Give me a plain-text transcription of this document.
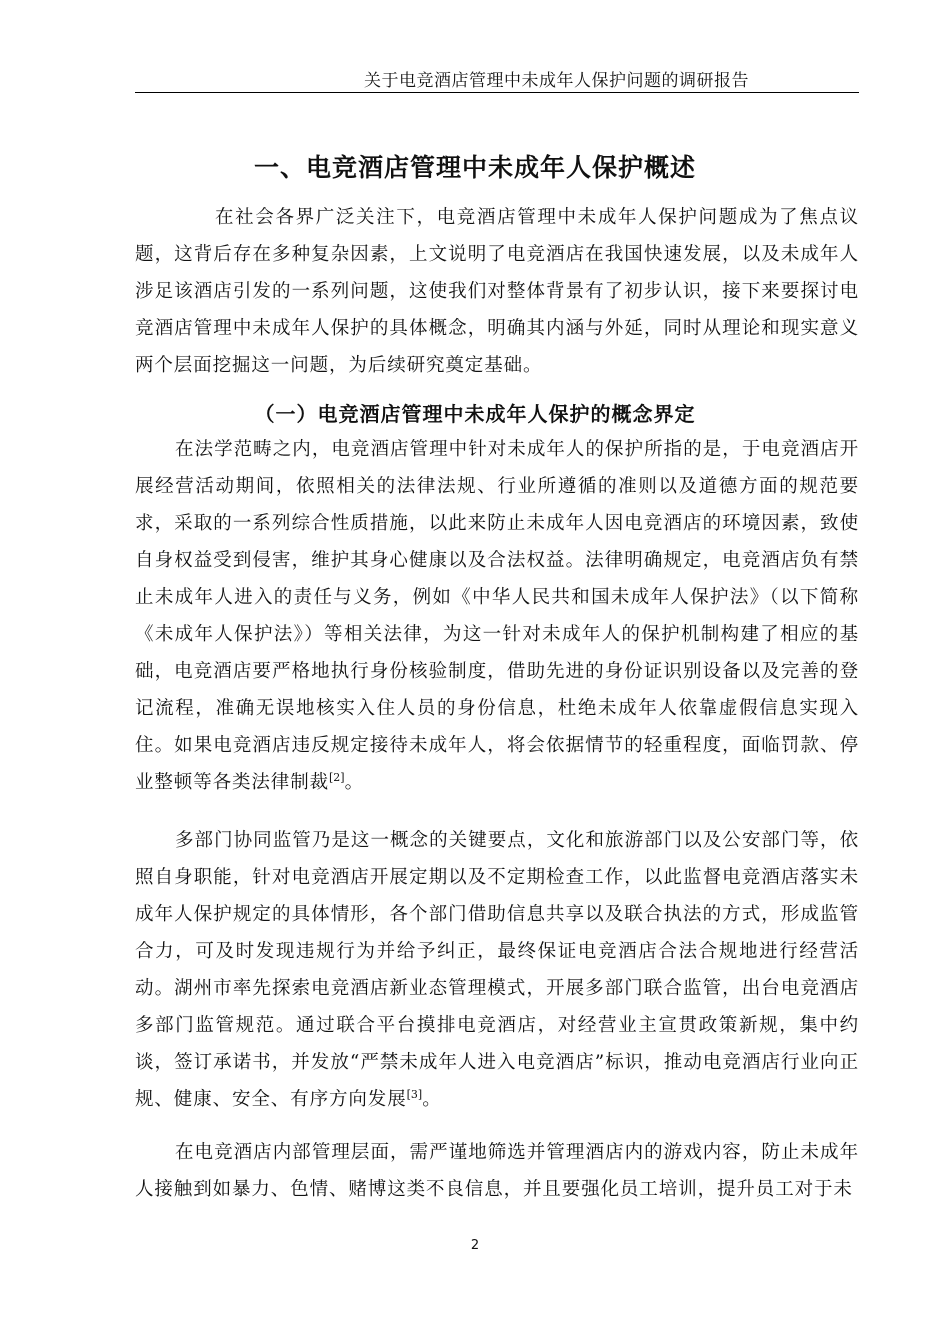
关于电竞酒店管理中未成年人保护问题的调研报告
一、电竞酒店管理中未成年人保护概述

在社会各界广泛关注下，电竞酒店管理中未成年人保护问题成为了焦点议题，这背后存在多种复杂因素，上文说明了电竞酒店在我国快速发展，以及未成年人涉足该酒店引发的一系列问题，这使我们对整体背景有了初步认识，接下来要探讨电竞酒店管理中未成年人保护的具体概念，明确其内涵与外延，同时从理论和现实意义两个层面挖掘这一问题，为后续研究奠定基础。

（一）电竞酒店管理中未成年人保护的概念界定

在法学范畴之内，电竞酒店管理中针对未成年人的保护所指的是，于电竞酒店开展经营活动期间，依照相关的法律法规、行业所遵循的准则以及道德方面的规范要求，采取的一系列综合性质措施，以此来防止未成年人因电竞酒店的环境因素，致使自身权益受到侵害，维护其身心健康以及合法权益。法律明确规定，电竞酒店负有禁止未成年人进入的责任与义务，例如《中华人民共和国未成年人保护法》（以下简称《未成年人保护法》）等相关法律，为这一针对未成年人的保护机制构建了相应的基础，电竞酒店要严格地执行身份核验制度，借助先进的身份证识别设备以及完善的登记流程，准确无误地核实入住人员的身份信息，杜绝未成年人依靠虚假信息实现入住。如果电竞酒店违反规定接待未成年人，将会依据情节的轻重程度，面临罚款、停业整顿等各类法律制裁[2]。

多部门协同监管乃是这一概念的关键要点，文化和旅游部门以及公安部门等，依照自身职能，针对电竞酒店开展定期以及不定期检查工作，以此监督电竞酒店落实未成年人保护规定的具体情形，各个部门借助信息共享以及联合执法的方式，形成监管合力，可及时发现违规行为并给予纠正，最终保证电竞酒店合法合规地进行经营活动。湖州市率先探索电竞酒店新业态管理模式，开展多部门联合监管，出台电竞酒店多部门监管规范。通过联合平台摸排电竞酒店，对经营业主宣贯政策新规，集中约谈，签订承诺书，并发放“严禁未成年人进入电竞酒店”标识，推动电竞酒店行业向正规、健康、安全、有序方向发展[3]。

在电竞酒店内部管理层面，需严谨地筛选并管理酒店内的游戏内容，防止未成年人接触到如暴力、色情、赌博这类不良信息，并且要强化员工培训，提升员工对于未

2
